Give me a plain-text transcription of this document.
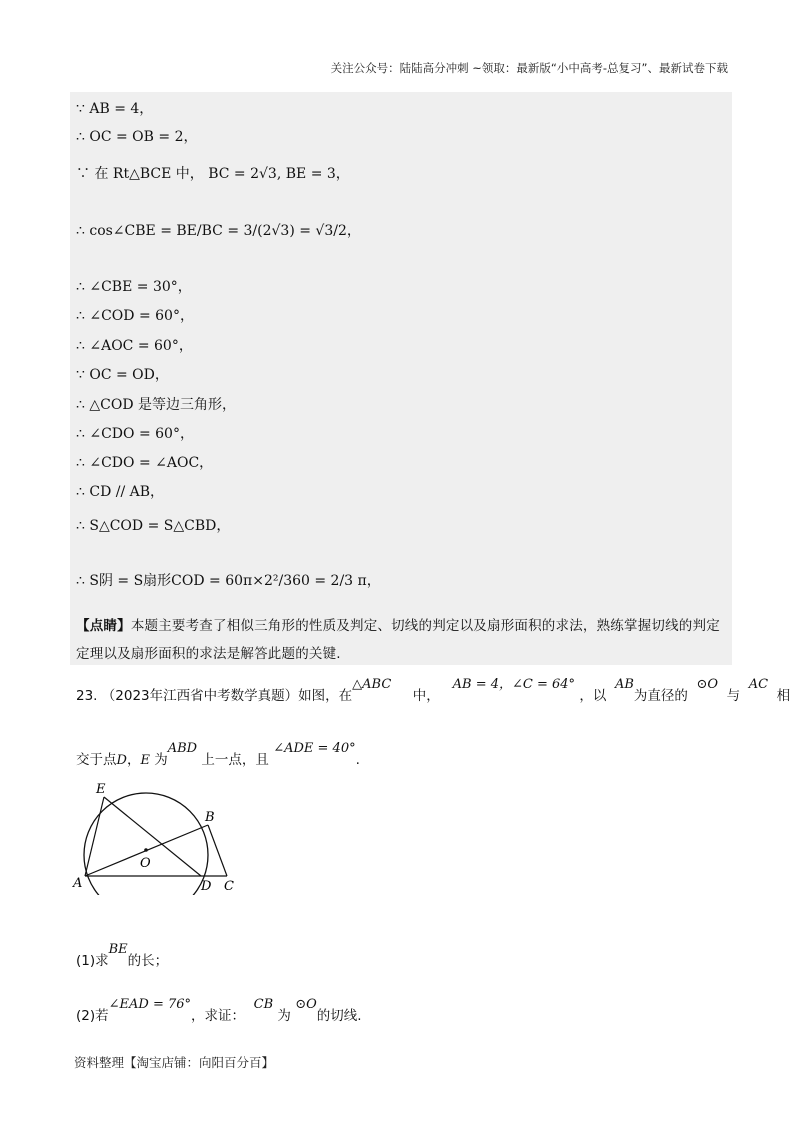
关注公众号：陆陆高分冲刺 ~领取：最新版“小中高考-总复习”、最新试卷下载
∵ AB = 4，
∴ OC = OB = 2，
∵ 在 Rt△BCE 中， BC = 2√3, BE = 3，
∴ cos∠CBE = BE/BC = 3/(2√3) = √3/2，
∴ ∠CBE = 30°，
∴ ∠COD = 60°，
∴ ∠AOC = 60°，
∵ OC = OD，
∴ △COD 是等边三角形，
∴ ∠CDO = 60°，
∴ ∠CDO = ∠AOC，
∴ CD // AB，
∴ S△COD = S△CBD，
∴ S阴 = S扇形COD = 60π×2²/360 = 2/3 π，
【点睛】本题主要考查了相似三角形的性质及判定、切线的判定以及扇形面积的求法，熟练掌握切线的判定定理以及扇形面积的求法是解答此题的关键.
23. （2023年江西省中考数学真题）如图，在△ABC     中，   AB = 4，∠C = 64° ，以  AB为直径的  ⊙O  与  AC  相
交于点D，E 为ABD 上一点，且 ∠ADE = 40°.
E
B
O
A	D C
(1)求BE的长；
(2)若∠EAD = 76°，求证：  CB 为 ⊙O的切线.
资料整理【淘宝店铺：向阳百分百】
